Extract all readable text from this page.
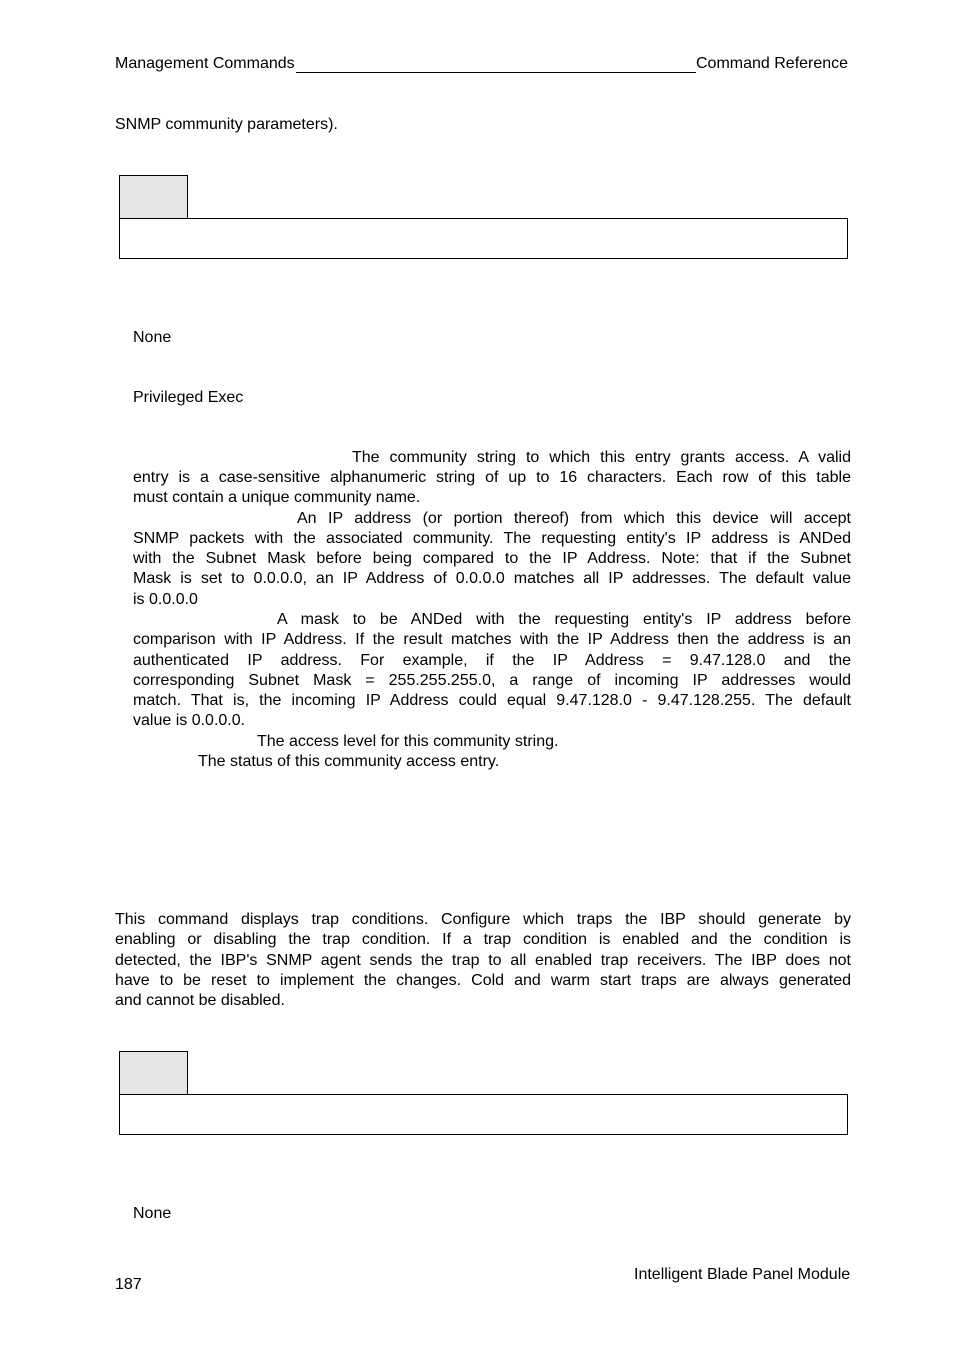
Management Commands	Command Reference
SNMP community parameters).
None
Privileged Exec
The community string to which this entry grants access. A valid
entry is a case-sensitive alphanumeric string of up to 16 characters. Each row of this table
must contain a unique community name.
An IP address (or portion thereof) from which this device will accept
SNMP packets with the associated community. The requesting entity's IP address is ANDed
with the Subnet Mask before being compared to the IP Address. Note: that if the Subnet
Mask is set to 0.0.0.0, an IP Address of 0.0.0.0 matches all IP addresses. The default value
is 0.0.0.0
A mask to be ANDed with the requesting entity's IP address before
comparison with IP Address. If the result matches with the IP Address then the address is an
authenticated IP address. For example, if the IP Address = 9.47.128.0 and the
corresponding Subnet Mask = 255.255.255.0, a range of incoming IP addresses would
match. That is, the incoming IP Address could equal 9.47.128.0 - 9.47.128.255. The default
value is 0.0.0.0.
The access level for this community string.
The status of this community access entry.
This command displays trap conditions. Configure which traps the IBP should generate by
enabling or disabling the trap condition. If a trap condition is enabled and the condition is
detected, the IBP's SNMP agent sends the trap to all enabled trap receivers. The IBP does not
have to be reset to implement the changes. Cold and warm start traps are always generated
and cannot be disabled.
None
Intelligent Blade Panel Module
187
